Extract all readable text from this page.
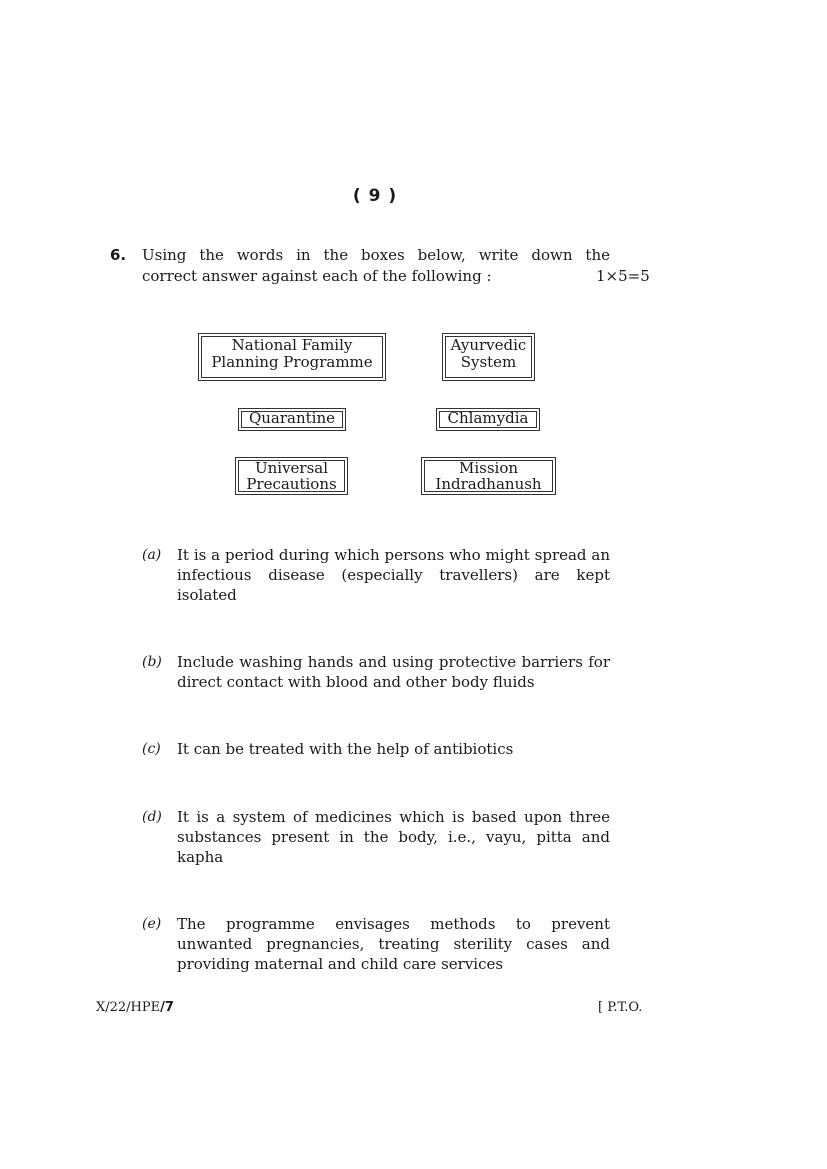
( 9 )
6. Using the words in the boxes below, write down the
correct answer against each of the following :	1×5=5
National Family
Planning Programme
Ayurvedic
System
Quarantine	Chlamydia
Universal
Precautions
Mission
Indradhanush
(a) It is a period during which persons who might spread an infectious disease (especially travellers) are kept isolated
(b) Include washing hands and using protective barriers for direct contact with blood and other body fluids
(c) It can be treated with the help of antibiotics
(d) It is a system of medicines which is based upon three substances present in the body, i.e., vayu, pitta and kapha
(e) The programme envisages methods to prevent unwanted pregnancies, treating sterility cases and providing maternal and child care services
X/22/HPE/7	[ P.T.O.
